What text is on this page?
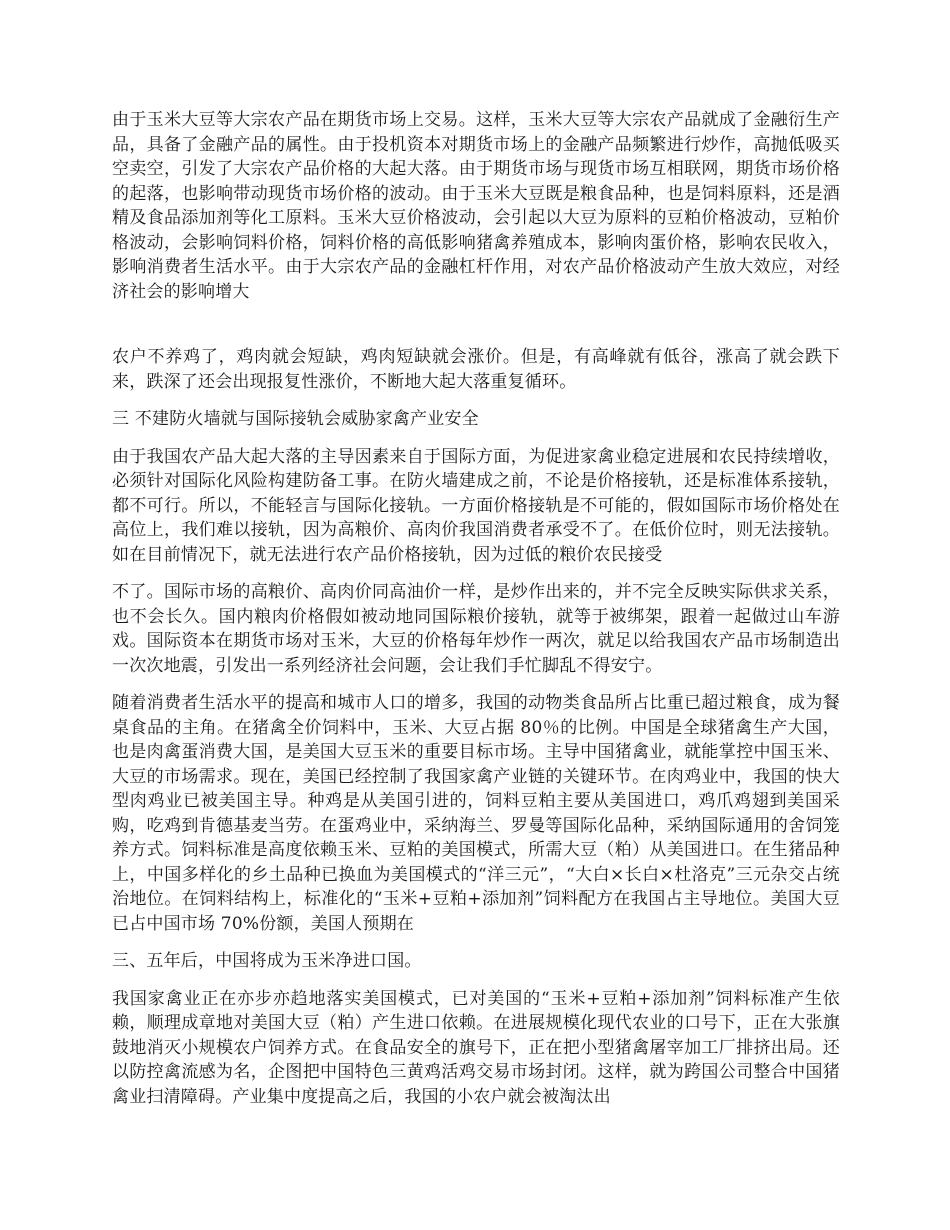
由于玉米大豆等大宗农产品在期货市场上交易。这样，玉米大豆等大宗农产品就成了金融衍生产品，具备了金融产品的属性。由于投机资本对期货市场上的金融产品频繁进行炒作，高抛低吸买空卖空，引发了大宗农产品价格的大起大落。由于期货市场与现货市场互相联网，期货市场价格的起落，也影响带动现货市场价格的波动。由于玉米大豆既是粮食品种，也是饲料原料，还是酒精及食品添加剂等化工原料。玉米大豆价格波动，会引起以大豆为原料的豆粕价格波动，豆粕价格波动，会影响饲料价格，饲料价格的高低影响猪禽养殖成本，影响肉蛋价格，影响农民收入，影响消费者生活水平。由于大宗农产品的金融杠杆作用，对农产品价格波动产生放大效应，对经济社会的影响增大

农户不养鸡了，鸡肉就会短缺，鸡肉短缺就会涨价。但是，有高峰就有低谷，涨高了就会跌下来，跌深了还会出现报复性涨价，不断地大起大落重复循环。

三 不建防火墙就与国际接轨会威胁家禽产业安全

由于我国农产品大起大落的主导因素来自于国际方面，为促进家禽业稳定进展和农民持续增收，必须针对国际化风险构建防备工事。在防火墙建成之前，不论是价格接轨，还是标准体系接轨，都不可行。所以，不能轻言与国际化接轨。一方面价格接轨是不可能的，假如国际市场价格处在高位上，我们难以接轨，因为高粮价、高肉价我国消费者承受不了。在低价位时，则无法接轨。如在目前情况下，就无法进行农产品价格接轨，因为过低的粮价农民接受

不了。国际市场的高粮价、高肉价同高油价一样，是炒作出来的，并不完全反映实际供求关系，也不会长久。国内粮肉价格假如被动地同国际粮价接轨，就等于被绑架，跟着一起做过山车游戏。国际资本在期货市场对玉米，大豆的价格每年炒作一两次，就足以给我国农产品市场制造出一次次地震，引发出一系列经济社会问题，会让我们手忙脚乱不得安宁。

随着消费者生活水平的提高和城市人口的增多，我国的动物类食品所占比重已超过粮食，成为餐桌食品的主角。在猪禽全价饲料中，玉米、大豆占据 80％的比例。中国是全球猪禽生产大国，也是肉禽蛋消费大国，是美国大豆玉米的重要目标市场。主导中国猪禽业，就能掌控中国玉米、大豆的市场需求。现在，美国已经控制了我国家禽产业链的关键环节。在肉鸡业中，我国的快大型肉鸡业已被美国主导。种鸡是从美国引进的，饲料豆粕主要从美国进口，鸡爪鸡翅到美国采购，吃鸡到肯德基麦当劳。在蛋鸡业中，采纳海兰、罗曼等国际化品种，采纳国际通用的舍饲笼养方式。饲料标准是高度依赖玉米、豆粕的美国模式，所需大豆（粕）从美国进口。在生猪品种上，中国多样化的乡土品种已换血为美国模式的“洋三元”，“大白×长白×杜洛克”三元杂交占统治地位。在饲料结构上，标准化的“玉米+豆粕+添加剂”饲料配方在我国占主导地位。美国大豆已占中国市场 70%份额，美国人预期在

三、五年后，中国将成为玉米净进口国。

我国家禽业正在亦步亦趋地落实美国模式，已对美国的“玉米+豆粕+添加剂”饲料标准产生依赖，顺理成章地对美国大豆（粕）产生进口依赖。在进展规模化现代农业的口号下，正在大张旗鼓地消灭小规模农户饲养方式。在食品安全的旗号下，正在把小型猪禽屠宰加工厂排挤出局。还以防控禽流感为名，企图把中国特色三黄鸡活鸡交易市场封闭。这样，就为跨国公司整合中国猪禽业扫清障碍。产业集中度提高之后，我国的小农户就会被淘汰出
